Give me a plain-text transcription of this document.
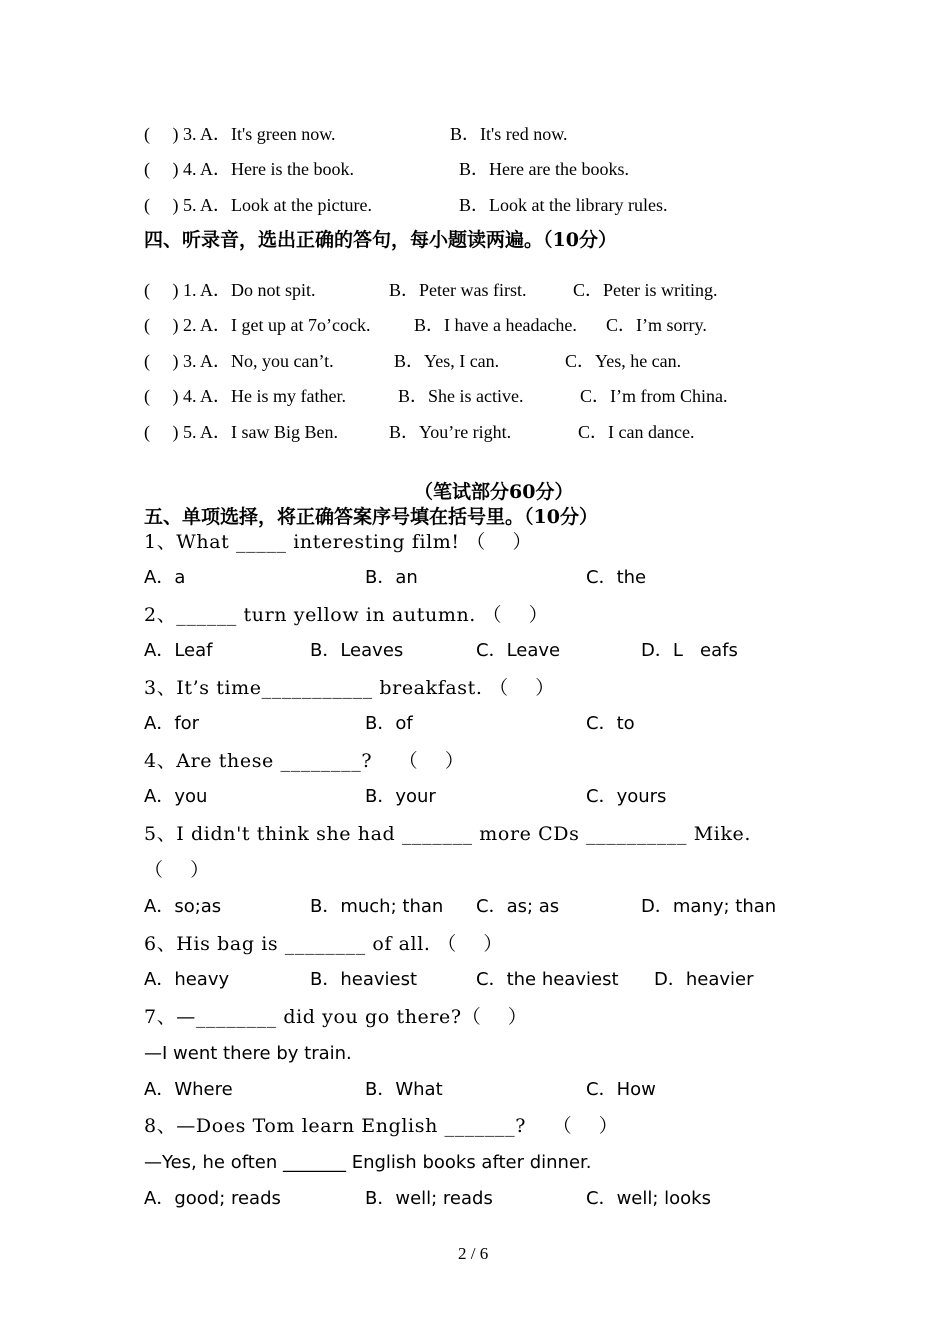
(     ) 3. A．It's green now.	B．It's red now.
(     ) 4. A．Here is the book.	B．Here are the books.
(     ) 5. A．Look at the picture.	B．Look at the library rules.
四、听录音，选出正确的答句，每小题读两遍。（10分）
(     ) 1. A．Do not spit.	B．Peter was first.	C．Peter is writing.
(     ) 2. A．I get up at 7o’cock. B．I have a headache. C．I’m sorry.
(     ) 3. A．No, you can’t.	B．Yes, I can.	C．Yes, he can.
(     ) 4. A．He is my father.	B．She is active.	C．I’m from China.
(     ) 5. A．I saw Big Ben.	B．You’re right.	C．I can dance.
（笔试部分60分）
五、单项选择，将正确答案序号填在括号里。（10分）
1、What _____ interesting film! （    ）
A．a	B．an	C．the
2、______ turn yellow in autumn. （    ）
A．Leaf	B．Leaves	C．Leave	D．L   eafs
3、It’s time___________ breakfast. （    ）
A．for	B．of	C．to
4、Are these ________?    （    ）
A．you	B．your	C．yours
5、I didn't think she had _______ more CDs __________ Mike.
（    ）
A．so;as	B．much; than C．as; as	D．many; than
6、His bag is ________ of all. （    ）
A．heavy	B．heaviest	C．the heaviest D．heavier
7、—________ did you go there?（    ）
—I went there by train.
A．Where	B．What	C．How
8、—Does Tom learn English _______?    （    ）
—Yes, he often _______ English books after dinner.
A．good; reads	B．well; reads	C．well; looks
2 / 6
